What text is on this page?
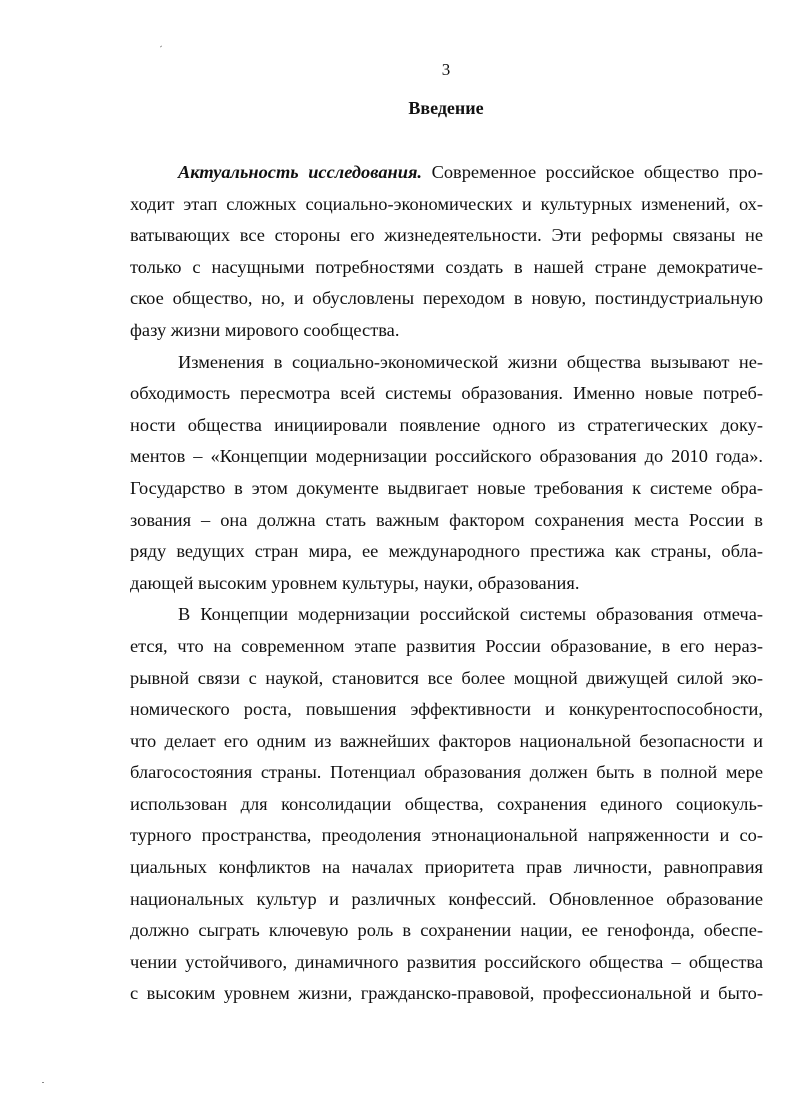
3
Введение

Актуальность исследования. Современное российское общество про-
ходит этап сложных социально-экономических и культурных изменений, ох-
ватывающих все стороны его жизнедеятельности. Эти реформы связаны не
только с насущными потребностями создать в нашей стране демократиче-
ское общество, но, и обусловлены переходом в новую, постиндустриальную
фазу жизни мирового сообщества.

Изменения в социально-экономической жизни общества вызывают не-
обходимость пересмотра всей системы образования. Именно новые потреб-
ности общества инициировали появление одного из стратегических доку-
ментов – «Концепции модернизации российского образования до 2010 года».
Государство в этом документе выдвигает новые требования к системе обра-
зования – она должна стать важным фактором сохранения места России в
ряду ведущих стран мира, ее международного престижа как страны, обла-
дающей высоким уровнем культуры, науки, образования.

В Концепции модернизации российской системы образования отмеча-
ется, что на современном этапе развития России образование, в его нераз-
рывной связи с наукой, становится все более мощной движущей силой эко-
номического роста, повышения эффективности и конкурентоспособности,
что делает его одним из важнейших факторов национальной безопасности и
благосостояния страны. Потенциал образования должен быть в полной мере
использован для консолидации общества, сохранения единого социокуль-
турного пространства, преодоления этнонациональной напряженности и со-
циальных конфликтов на началах приоритета прав личности, равноправия
национальных культур и различных конфессий. Обновленное образование
должно сыграть ключевую роль в сохранении нации, ее генофонда, обеспе-
чении устойчивого, динамичного развития российского общества – общества
с высоким уровнем жизни, гражданско-правовой, профессиональной и быто-
